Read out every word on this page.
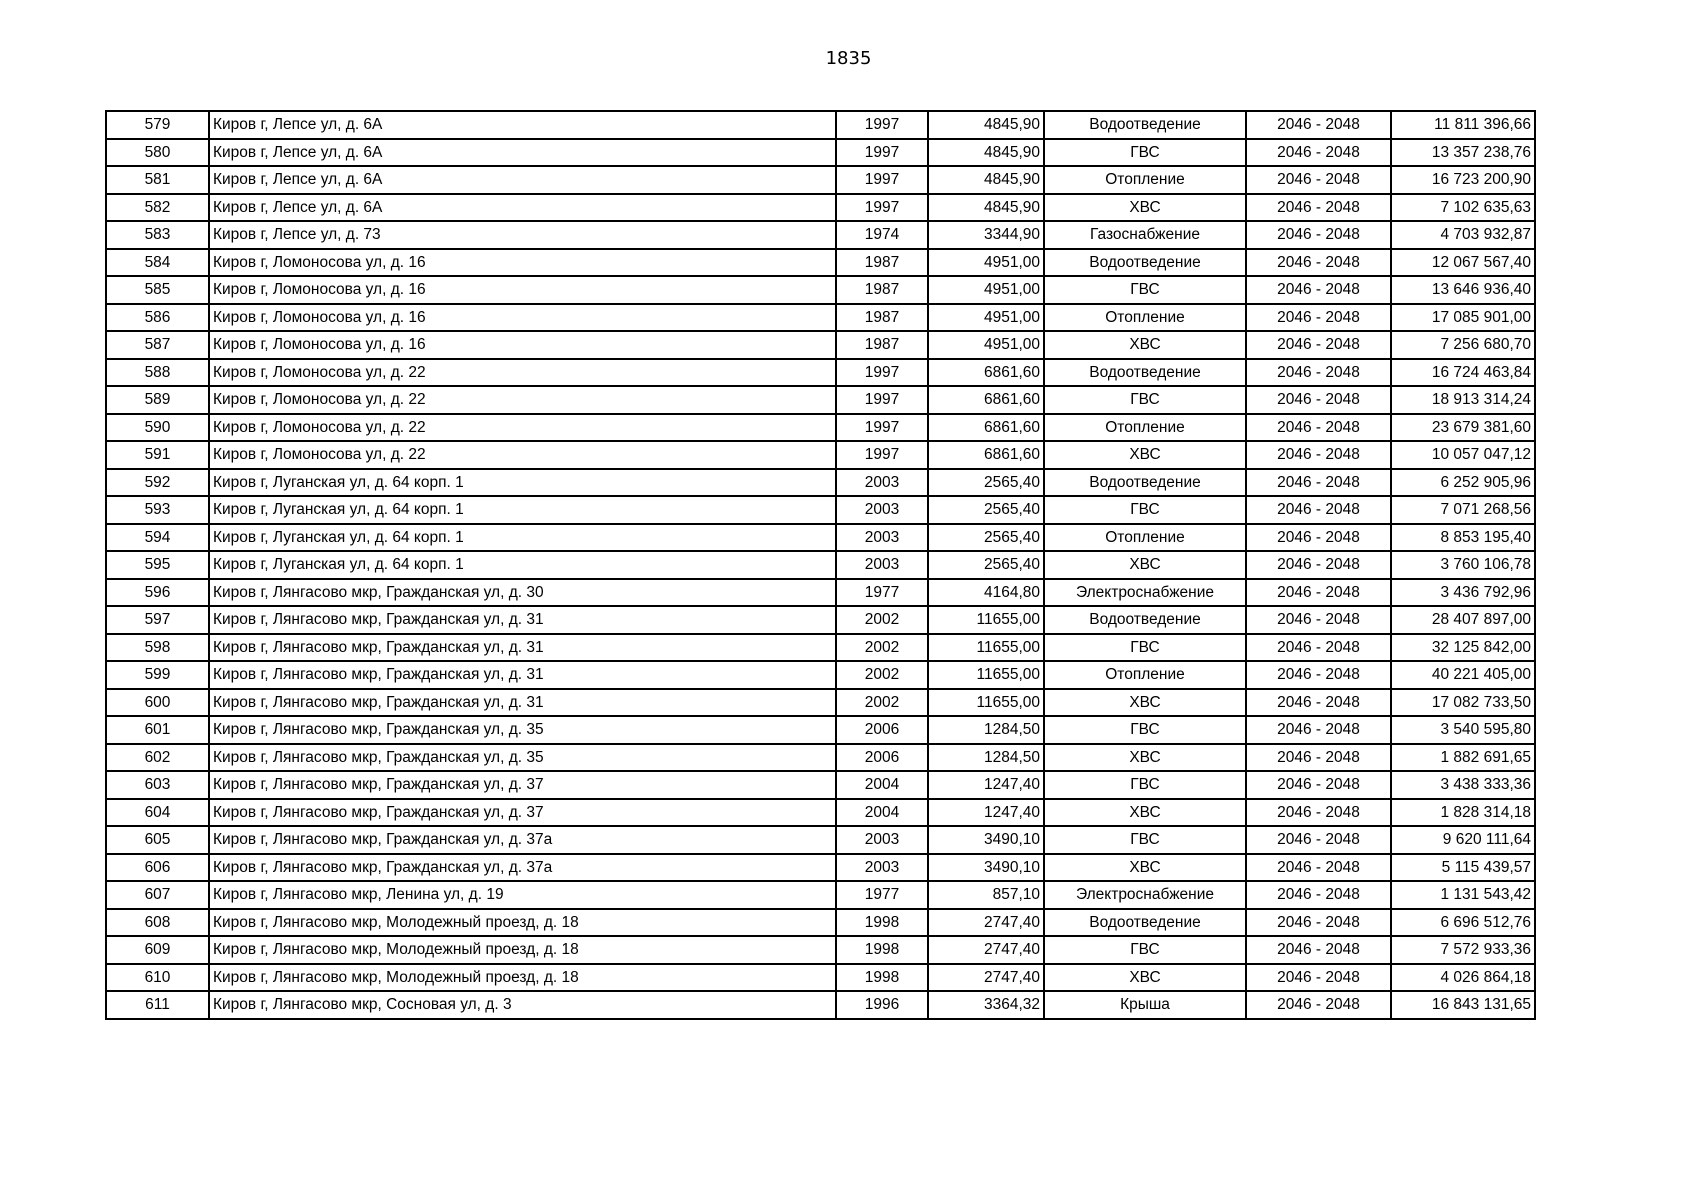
1835
579	Киров г, Лепсе ул, д. 6А	1997	4845,90	Водоотведение	2046 - 2048	11 811 396,66
580	Киров г, Лепсе ул, д. 6А	1997	4845,90	ГВС	2046 - 2048	13 357 238,76
581	Киров г, Лепсе ул, д. 6А	1997	4845,90	Отопление	2046 - 2048	16 723 200,90
582	Киров г, Лепсе ул, д. 6А	1997	4845,90	ХВС	2046 - 2048	7 102 635,63
583	Киров г, Лепсе ул, д. 73	1974	3344,90	Газоснабжение	2046 - 2048	4 703 932,87
584	Киров г, Ломоносова ул, д. 16	1987	4951,00	Водоотведение	2046 - 2048	12 067 567,40
585	Киров г, Ломоносова ул, д. 16	1987	4951,00	ГВС	2046 - 2048	13 646 936,40
586	Киров г, Ломоносова ул, д. 16	1987	4951,00	Отопление	2046 - 2048	17 085 901,00
587	Киров г, Ломоносова ул, д. 16	1987	4951,00	ХВС	2046 - 2048	7 256 680,70
588	Киров г, Ломоносова ул, д. 22	1997	6861,60	Водоотведение	2046 - 2048	16 724 463,84
589	Киров г, Ломоносова ул, д. 22	1997	6861,60	ГВС	2046 - 2048	18 913 314,24
590	Киров г, Ломоносова ул, д. 22	1997	6861,60	Отопление	2046 - 2048	23 679 381,60
591	Киров г, Ломоносова ул, д. 22	1997	6861,60	ХВС	2046 - 2048	10 057 047,12
592	Киров г, Луганская ул, д. 64 корп. 1	2003	2565,40	Водоотведение	2046 - 2048	6 252 905,96
593	Киров г, Луганская ул, д. 64 корп. 1	2003	2565,40	ГВС	2046 - 2048	7 071 268,56
594	Киров г, Луганская ул, д. 64 корп. 1	2003	2565,40	Отопление	2046 - 2048	8 853 195,40
595	Киров г, Луганская ул, д. 64 корп. 1	2003	2565,40	ХВС	2046 - 2048	3 760 106,78
596	Киров г, Лянгасово мкр, Гражданская ул, д. 30	1977	4164,80	Электроснабжение	2046 - 2048	3 436 792,96
597	Киров г, Лянгасово мкр, Гражданская ул, д. 31	2002	11655,00	Водоотведение	2046 - 2048	28 407 897,00
598	Киров г, Лянгасово мкр, Гражданская ул, д. 31	2002	11655,00	ГВС	2046 - 2048	32 125 842,00
599	Киров г, Лянгасово мкр, Гражданская ул, д. 31	2002	11655,00	Отопление	2046 - 2048	40 221 405,00
600	Киров г, Лянгасово мкр, Гражданская ул, д. 31	2002	11655,00	ХВС	2046 - 2048	17 082 733,50
601	Киров г, Лянгасово мкр, Гражданская ул, д. 35	2006	1284,50	ГВС	2046 - 2048	3 540 595,80
602	Киров г, Лянгасово мкр, Гражданская ул, д. 35	2006	1284,50	ХВС	2046 - 2048	1 882 691,65
603	Киров г, Лянгасово мкр, Гражданская ул, д. 37	2004	1247,40	ГВС	2046 - 2048	3 438 333,36
604	Киров г, Лянгасово мкр, Гражданская ул, д. 37	2004	1247,40	ХВС	2046 - 2048	1 828 314,18
605	Киров г, Лянгасово мкр, Гражданская ул, д. 37а	2003	3490,10	ГВС	2046 - 2048	9 620 111,64
606	Киров г, Лянгасово мкр, Гражданская ул, д. 37а	2003	3490,10	ХВС	2046 - 2048	5 115 439,57
607	Киров г, Лянгасово мкр, Ленина ул, д. 19	1977	857,10	Электроснабжение	2046 - 2048	1 131 543,42
608	Киров г, Лянгасово мкр, Молодежный проезд, д. 18	1998	2747,40	Водоотведение	2046 - 2048	6 696 512,76
609	Киров г, Лянгасово мкр, Молодежный проезд, д. 18	1998	2747,40	ГВС	2046 - 2048	7 572 933,36
610	Киров г, Лянгасово мкр, Молодежный проезд, д. 18	1998	2747,40	ХВС	2046 - 2048	4 026 864,18
611	Киров г, Лянгасово мкр, Сосновая ул, д. 3	1996	3364,32	Крыша	2046 - 2048	16 843 131,65
